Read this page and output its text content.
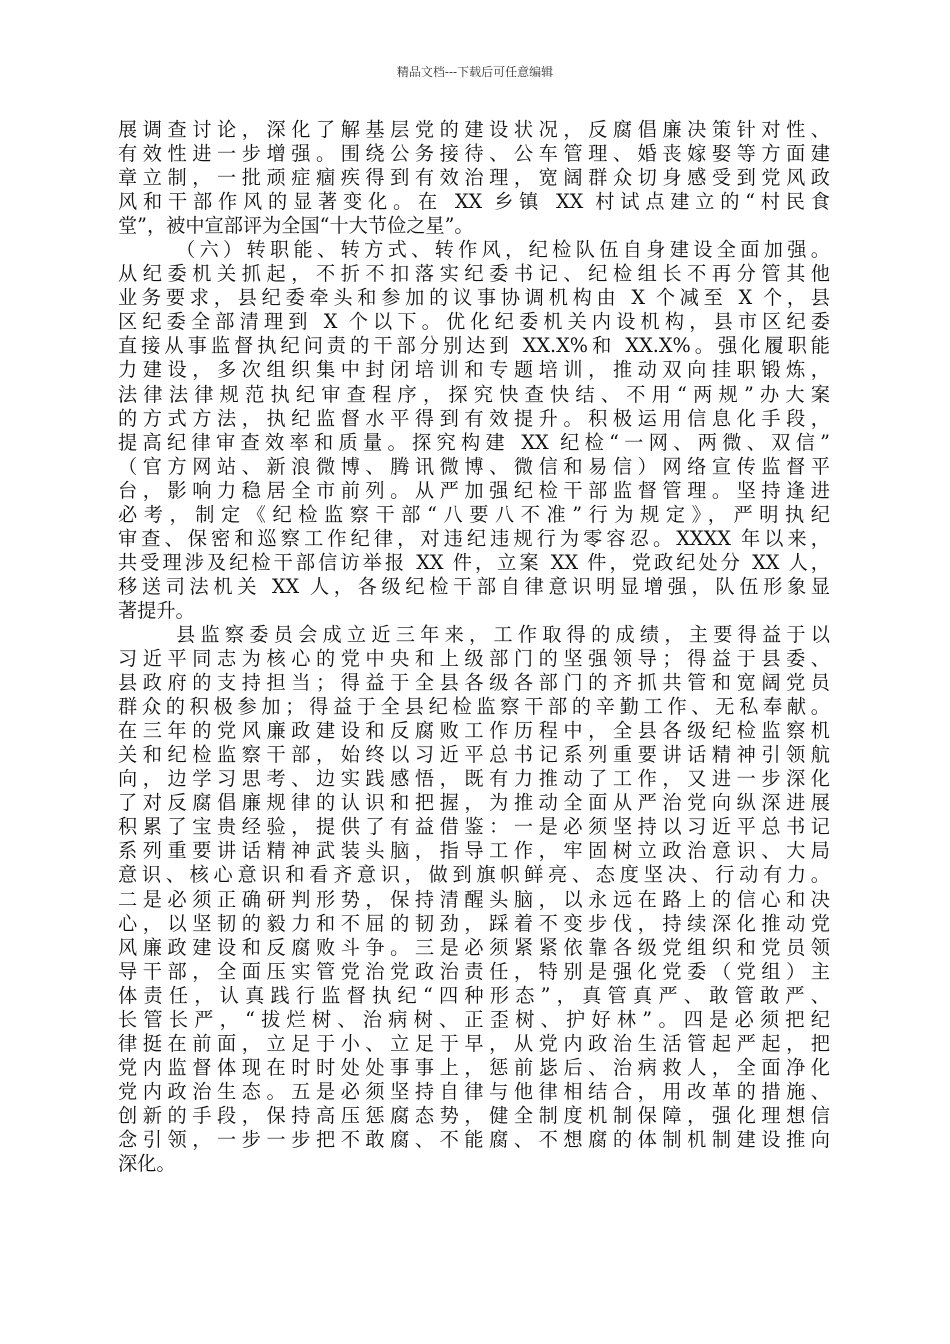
精品文档---下载后可任意编辑
展调查讨论，深化了解基层党的建设状况，反腐倡廉决策针对性、
有效性进一步增强。围绕公务接待、公车管理、婚丧嫁娶等方面建
章立制，一批顽症痼疾得到有效治理，宽阔群众切身感受到党风政
风和干部作风的显著变化。在 XX 乡镇 XX 村试点建立的“村民食
堂”，被中宣部评为全国“十大节俭之星”。
（六）转职能、转方式、转作风，纪检队伍自身建设全面加强。
从纪委机关抓起，不折不扣落实纪委书记、纪检组长不再分管其他
业务要求，县纪委牵头和参加的议事协调机构由 X 个减至 X 个，县
区纪委全部清理到 X 个以下。优化纪委机关内设机构，县市区纪委
直接从事监督执纪问责的干部分别达到 XX.X%和 XX.X%。强化履职能
力建设，多次组织集中封闭培训和专题培训，推动双向挂职锻炼，
法律法律规范执纪审查程序，探究快查快结、不用“两规”办大案
的方式方法，执纪监督水平得到有效提升。积极运用信息化手段，
提高纪律审查效率和质量。探究构建 XX 纪检“一网、两微、双信”
（官方网站、新浪微博、腾讯微博、微信和易信）网络宣传监督平
台，影响力稳居全市前列。从严加强纪检干部监督管理。坚持逢进
必考，制定《纪检监察干部“八要八不准”行为规定》，严明执纪
审查、保密和巡察工作纪律，对违纪违规行为零容忍。XXXX 年以来，
共受理涉及纪检干部信访举报 XX 件，立案 XX 件，党政纪处分 XX 人，
移送司法机关 XX 人，各级纪检干部自律意识明显增强，队伍形象显
著提升。
县监察委员会成立近三年来，工作取得的成绩，主要得益于以
习近平同志为核心的党中央和上级部门的坚强领导；得益于县委、
县政府的支持担当；得益于全县各级各部门的齐抓共管和宽阔党员
群众的积极参加；得益于全县纪检监察干部的辛勤工作、无私奉献。
在三年的党风廉政建设和反腐败工作历程中，全县各级纪检监察机
关和纪检监察干部，始终以习近平总书记系列重要讲话精神引领航
向，边学习思考、边实践感悟，既有力推动了工作，又进一步深化
了对反腐倡廉规律的认识和把握，为推动全面从严治党向纵深进展
积累了宝贵经验，提供了有益借鉴：一是必须坚持以习近平总书记
系列重要讲话精神武装头脑，指导工作，牢固树立政治意识、大局
意识、核心意识和看齐意识，做到旗帜鲜亮、态度坚决、行动有力。
二是必须正确研判形势，保持清醒头脑，以永远在路上的信心和决
心，以坚韧的毅力和不屈的韧劲，踩着不变步伐，持续深化推动党
风廉政建设和反腐败斗争。三是必须紧紧依靠各级党组织和党员领
导干部，全面压实管党治党政治责任，特别是强化党委（党组）主
体责任，认真践行监督执纪“四种形态”，真管真严、敢管敢严、
长管长严，“拔烂树、治病树、正歪树、护好林”。四是必须把纪
律挺在前面，立足于小、立足于早，从党内政治生活管起严起，把
党内监督体现在时时处处事事上，惩前毖后、治病救人，全面净化
党内政治生态。五是必须坚持自律与他律相结合，用改革的措施、
创新的手段，保持高压惩腐态势，健全制度机制保障，强化理想信
念引领，一步一步把不敢腐、不能腐、不想腐的体制机制建设推向
深化。
